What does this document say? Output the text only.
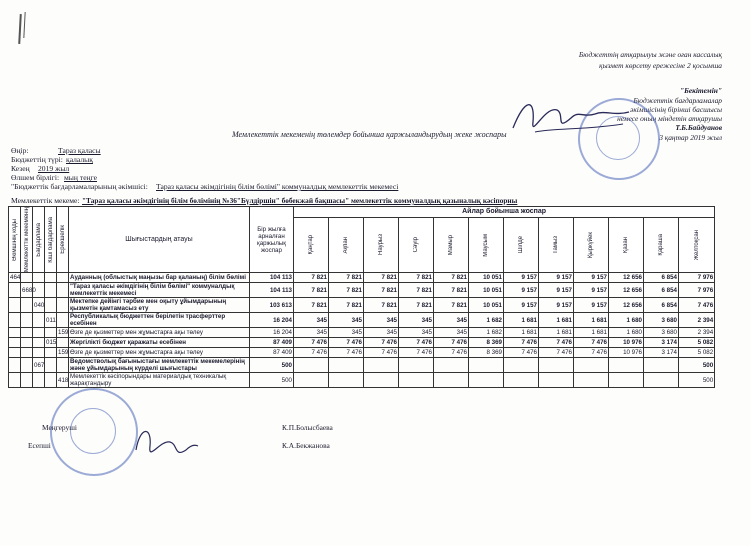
Бюджеттің атқарылуы және оған кассалық
қызмет көрсету ережесіне 2 қосымша
"Бекітемін"
Бюджеттік бағдарламалар
әкімшісінің бірінші басшысы
немесе оның міндетін атқарушы
Т.Б.Байдуанов
3 қаңтар 2019 жыл
Мемлекеттік мекеменің төлемдер бойынша қаржыландырудың жеке жоспары
Өңір:	Тараз қаласы
Бюджеттің түрі: қалалық
Кезең 2019 жыл
Өлшем бірлігі: мың теңге
"Бюджеттік бағдарламаларының әкімшісі: Тараз қаласы әкімдігінің білім бөлімі" коммуналдық мемлекеттік мекемесі
Мемлекеттік мекеме: "Тараз қаласы әкімдігінің білім бөлімінің №36"Бүлдіршін" бөбекжай бақшасы" мемлекеттік коммуналдық қазыналық кәсіпорны
Әкімшінің коды	Мемлекеттік мекеменің	Бағдарлама	Кіші бағдарлама	Ерекшелік	Шығыстардың атауы	Бір жылға арналған қаржылық жоспар	Айлар бойынша жоспар											

							Қаңтар	Ақпан	Наурыз	Сәуір	Мамыр	Маусым	Шілде	Тамыз	Қыркүйек	Қазан	Қараша	Желтоқсан

464					Ауданның (облыстық маңызы бар қаланың) білім бөлімі	104 113	7 821	7 821	7 821	7 821	7 821	10 051	9 157	9 157	9 157	12 656	6 854	7 976
	6680				"Тараз қаласы әкімдігінің білім бөлімі" коммуналдық мемлекеттік мекемесі	104 113	7 821	7 821	7 821	7 821	7 821	10 051	9 157	9 157	9 157	12 656	6 854	7 976
		040			Мектепке дейінгі тәрбие мен оқыту ұйымдарының қызметін қамтамасыз ету	103 613	7 821	7 821	7 821	7 821	7 821	10 051	9 157	9 157	9 157	12 656	6 854	7 476
			011		Республикалық бюджеттен берілетін трасферттер есебінен	16 204	345	345	345	345	345	1 682	1 681	1 681	1 681	1 680	3 680	2 394
				159	Өзге де қызметтер мен жұмыстарға ақы төлеу	16 204	345	345	345	345	345	1 682	1 681	1 681	1 681	1 680	3 680	2 394
			015		Жергілікті бюджет қаражаты есебінен	87 409	7 476	7 476	7 476	7 476	7 476	8 369	7 476	7 476	7 476	10 976	3 174	5 082
				159	Өзге де қызметтер мен жұмыстарға ақы төлеу	87 409	7 476	7 476	7 476	7 476	7 476	8 369	7 476	7 476	7 476	10 976	3 174	5 082
		067			Ведомстволық бағыныстағы мемлекеттік мекемелерінің және ұйымдарының күрделі шығыстары	500												500
				418	Мемлекеттік кәсіпорындары материалдық техникалық жарақтандыру	500												500
Меңгеруші	К.П.Болысбаева
Есепші	К.А.Бекжанова
